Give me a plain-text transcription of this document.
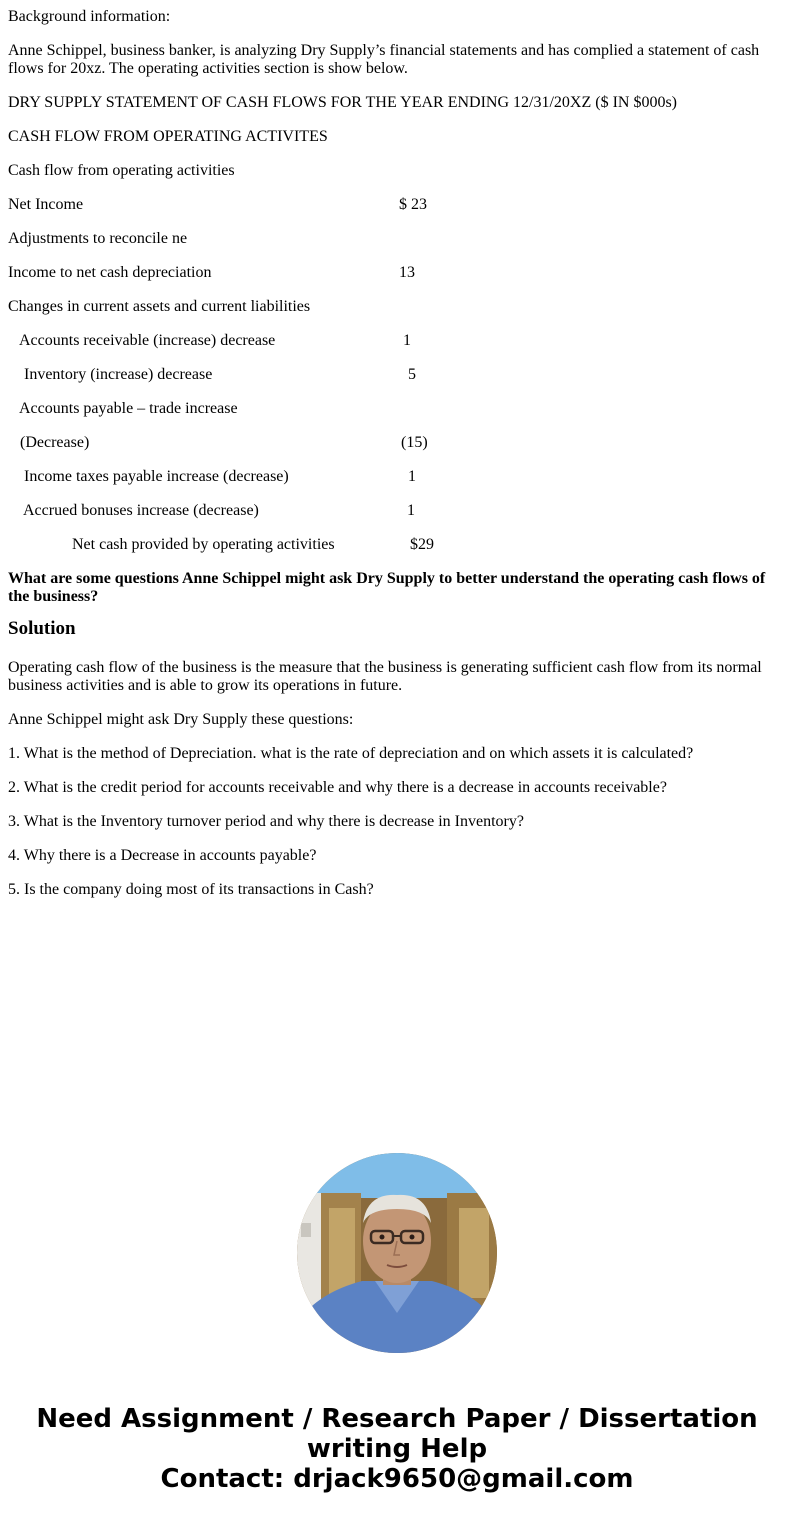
Background information:

Anne Schippel, business banker, is analyzing Dry Supply’s financial statements and has complied a statement of cash flows for 20xz. The operating activities section is show below.

DRY SUPPLY STATEMENT OF CASH FLOWS FOR THE YEAR ENDING 12/31/20XZ ($ IN $000s)

CASH FLOW FROM OPERATING ACTIVITES

Cash flow from operating activities
Net Income	$ 23
Adjustments to reconcile ne
Income to net cash depreciation	13
Changes in current assets and current liabilities
Accounts receivable (increase) decrease	1
Inventory (increase) decrease	5
Accounts payable – trade increase
(Decrease)	(15)
Income taxes payable increase (decrease)	1
Accrued bonuses increase (decrease)	1
Net cash provided by operating activities	$29

What are some questions Anne Schippel might ask Dry Supply to better understand the operating cash flows of the business?

Solution

Operating cash flow of the business is the measure that the business is generating sufficient cash flow from its normal business activities and is able to grow its operations in future.

Anne Schippel might ask Dry Supply these questions:

1. What is the method of Depreciation. what is the rate of depreciation and on which assets it is calculated?

2. What is the credit period for accounts receivable and why there is a decrease in accounts receivable?

3. What is the Inventory turnover period and why there is decrease in Inventory?

4. Why there is a Decrease in accounts payable?

5. Is the company doing most of its transactions in Cash?

Need Assignment / Research Paper / Dissertation
writing Help
Contact: drjack9650@gmail.com
